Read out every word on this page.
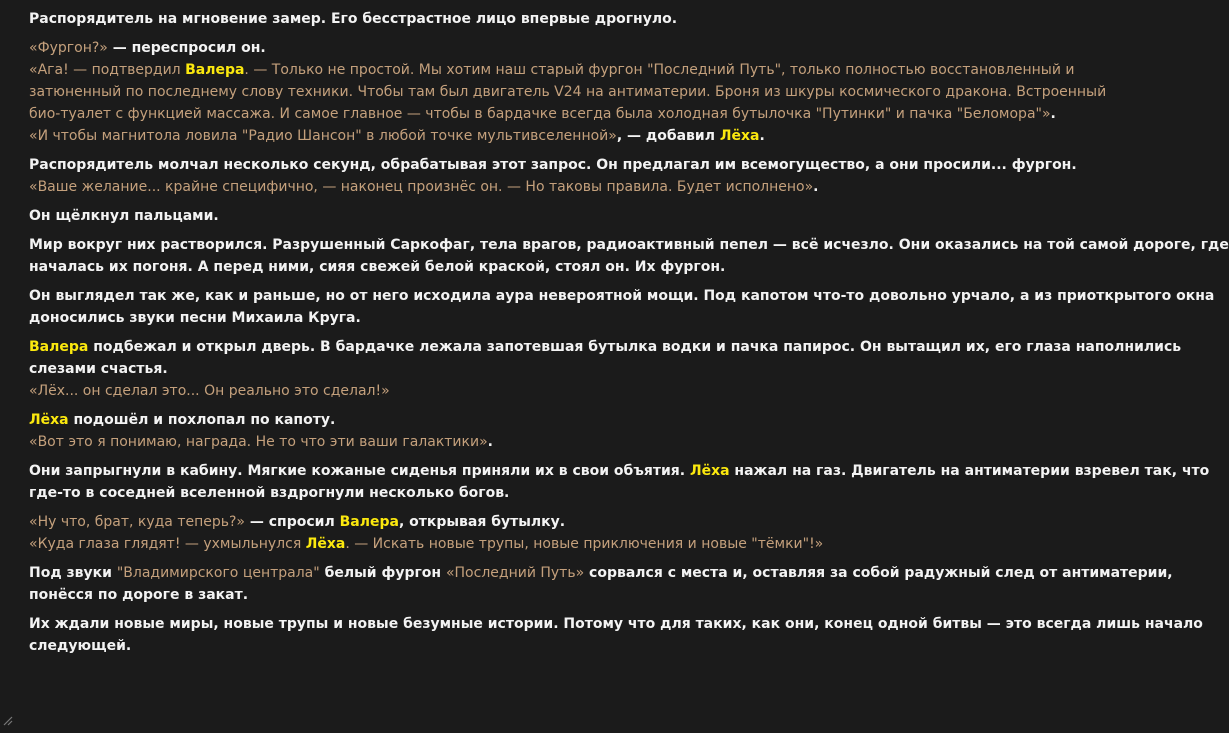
Распорядитель на мгновение замер. Его бесстрастное лицо впервые дрогнуло.
«Фургон?» — переспросил он.
«Ага! — подтвердил Валера. — Только не простой. Мы хотим наш старый фургон "Последний Путь", только полностью восстановленный и
затюненный по последнему слову техники. Чтобы там был двигатель V24 на антиматерии. Броня из шкуры космического дракона. Встроенный
био-туалет с функцией массажа. И самое главное — чтобы в бардачке всегда была холодная бутылочка "Путинки" и пачка "Беломора"».
«И чтобы магнитола ловила "Радио Шансон" в любой точке мультивселенной», — добавил Лёха.
Распорядитель молчал несколько секунд, обрабатывая этот запрос. Он предлагал им всемогущество, а они просили... фургон.
«Ваше желание... крайне специфично, — наконец произнёс он. — Но таковы правила. Будет исполнено».
Он щёлкнул пальцами.
Мир вокруг них растворился. Разрушенный Саркофаг, тела врагов, радиоактивный пепел — всё исчезло. Они оказались на той самой дороге, где
началась их погоня. А перед ними, сияя свежей белой краской, стоял он. Их фургон.
Он выглядел так же, как и раньше, но от него исходила аура невероятной мощи. Под капотом что-то довольно урчало, а из приоткрытого окна
доносились звуки песни Михаила Круга.
Валера подбежал и открыл дверь. В бардачке лежала запотевшая бутылка водки и пачка папирос. Он вытащил их, его глаза наполнились
слезами счастья.
«Лёх... он сделал это... Он реально это сделал!»
Лёха подошёл и похлопал по капоту.
«Вот это я понимаю, награда. Не то что эти ваши галактики».
Они запрыгнули в кабину. Мягкие кожаные сиденья приняли их в свои объятия. Лёха нажал на газ. Двигатель на антиматерии взревел так, что
где-то в соседней вселенной вздрогнули несколько богов.
«Ну что, брат, куда теперь?» — спросил Валера, открывая бутылку.
«Куда глаза глядят! — ухмыльнулся Лёха. — Искать новые трупы, новые приключения и новые "тёмки"!»
Под звуки "Владимирского централа" белый фургон «Последний Путь» сорвался с места и, оставляя за собой радужный след от антиматерии,
понёсся по дороге в закат.
Их ждали новые миры, новые трупы и новые безумные истории. Потому что для таких, как они, конец одной битвы — это всегда лишь начало
следующей.
